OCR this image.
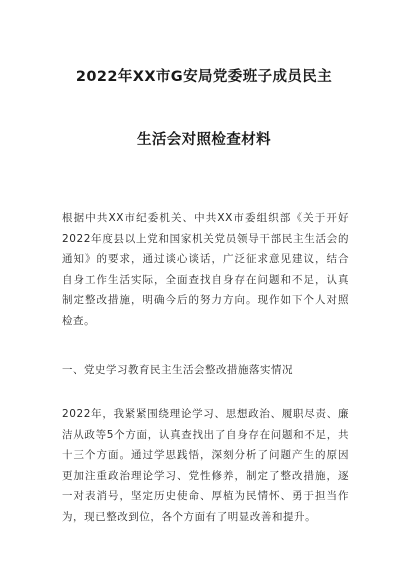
2022年XX市G安局党委班子成员民主
生活会对照检查材料
根据中共XX市纪委机关、中共XX市委组织部《关于开好
2022年度县以上党和国家机关党员领导干部民主生活会的
通知》的要求，通过谈心谈话，广泛征求意见建议，结合
自身工作生活实际，全面查找自身存在问题和不足，认真
制定整改措施，明确今后的努力方向。现作如下个人对照
检查。
一、党史学习教育民主生活会整改措施落实情况
2022年，我紧紧围绕理论学习、思想政治、履职尽责、廉
洁从政等5个方面，认真查找出了自身存在问题和不足，共
十三个方面。通过学思践悟，深刻分析了问题产生的原因
更加注重政治理论学习、党性修养，制定了整改措施，逐
一对表消号，坚定历史使命、厚植为民情怀、勇于担当作
为，现已整改到位，各个方面有了明显改善和提升。
